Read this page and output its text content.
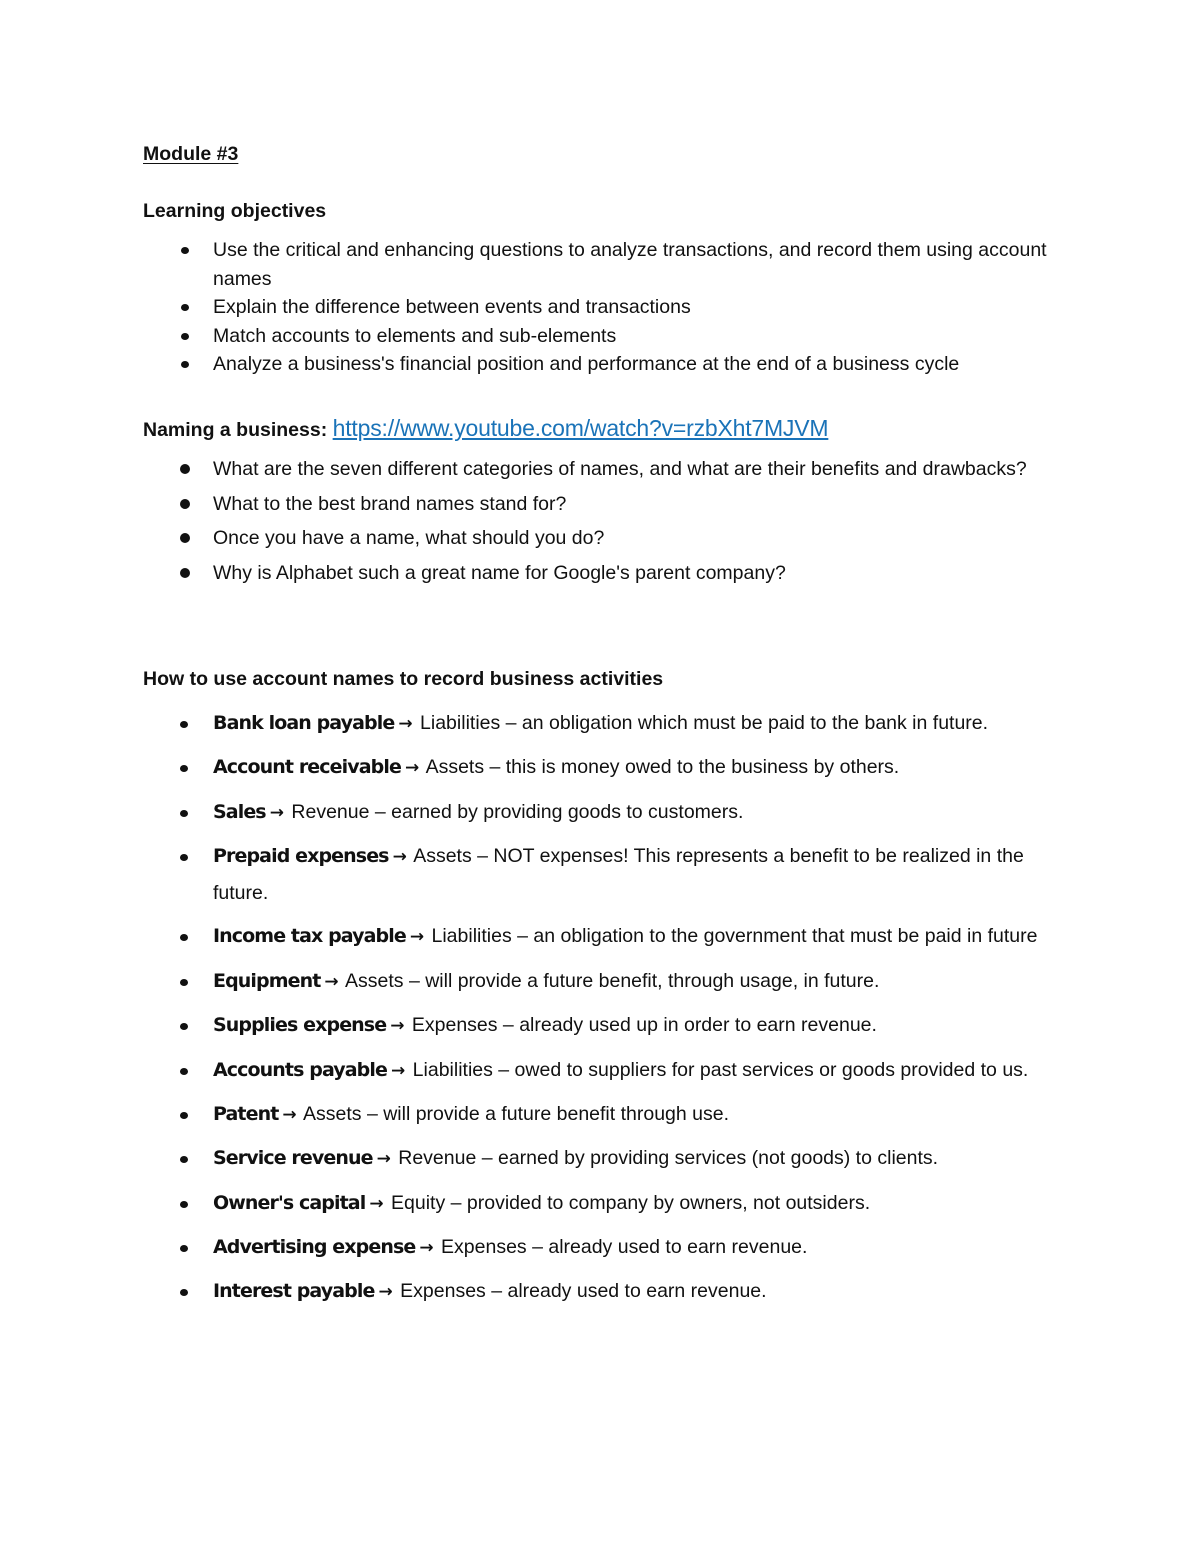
Module #3
Learning objectives
Use the critical and enhancing questions to analyze transactions, and record them using account names
Explain the difference between events and transactions
Match accounts to elements and sub-elements
Analyze a business's financial position and performance at the end of a business cycle
Naming a business: https://www.youtube.com/watch?v=rzbXht7MJVM
What are the seven different categories of names, and what are their benefits and drawbacks?
What to the best brand names stand for?
Once you have a name, what should you do?
Why is Alphabet such a great name for Google's parent company?
How to use account names to record business activities
Bank loan payable → Liabilities – an obligation which must be paid to the bank in future.
Account receivable → Assets – this is money owed to the business by others.
Sales → Revenue – earned by providing goods to customers.
Prepaid expenses → Assets – NOT expenses! This represents a benefit to be realized in the future.
Income tax payable → Liabilities – an obligation to the government that must be paid in future
Equipment → Assets – will provide a future benefit, through usage, in future.
Supplies expense → Expenses – already used up in order to earn revenue.
Accounts payable → Liabilities – owed to suppliers for past services or goods provided to us.
Patent → Assets – will provide a future benefit through use.
Service revenue → Revenue – earned by providing services (not goods) to clients.
Owner's capital → Equity – provided to company by owners, not outsiders.
Advertising expense → Expenses – already used to earn revenue.
Interest payable → Expenses – already used to earn revenue.
